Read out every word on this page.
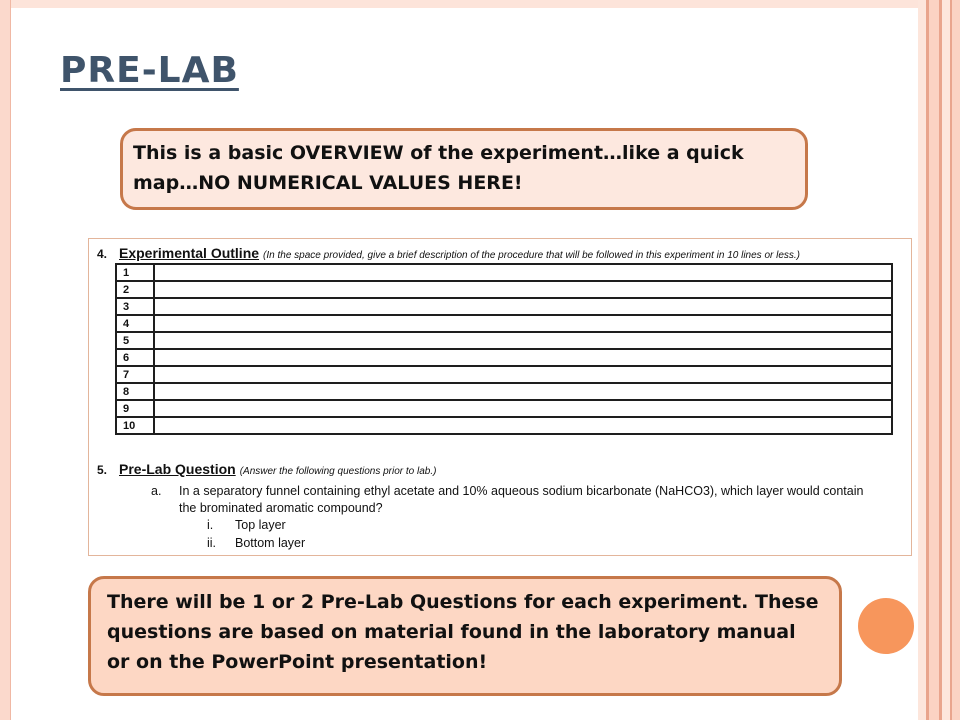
PRE-LAB
This is a basic OVERVIEW of the experiment…like a quick map…NO NUMERICAL VALUES HERE!
4. Experimental Outline (In the space provided, give a brief description of the procedure that will be followed in this experiment in 10 lines or less.)
1	
2	
3	
4	
5	
6	
7	
8	
9	
10	
5. Pre-Lab Question (Answer the following questions prior to lab.)
a. In a separatory funnel containing ethyl acetate and 10% aqueous sodium bicarbonate (NaHCO3), which layer would contain the brominated aromatic compound?
i. Top layer
ii. Bottom layer
There will be 1 or 2 Pre-Lab Questions for each experiment. These questions are based on material found in the laboratory manual or on the PowerPoint presentation!
